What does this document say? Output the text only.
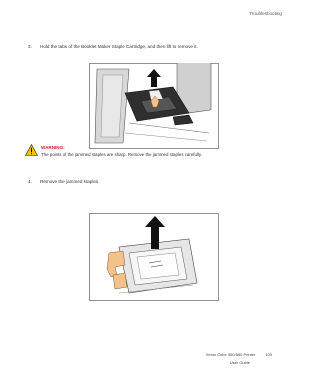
Troubleshooting
3. Hold the tabs of the Booklet Maker Staple Cartridge, and then lift to remove it.
WARNING:
The points of the jammed staples are sharp. Remove the jammed staples carefully.
4. Remove the jammed staples.
Xerox Color 550/560 Printer	109
User Guide
